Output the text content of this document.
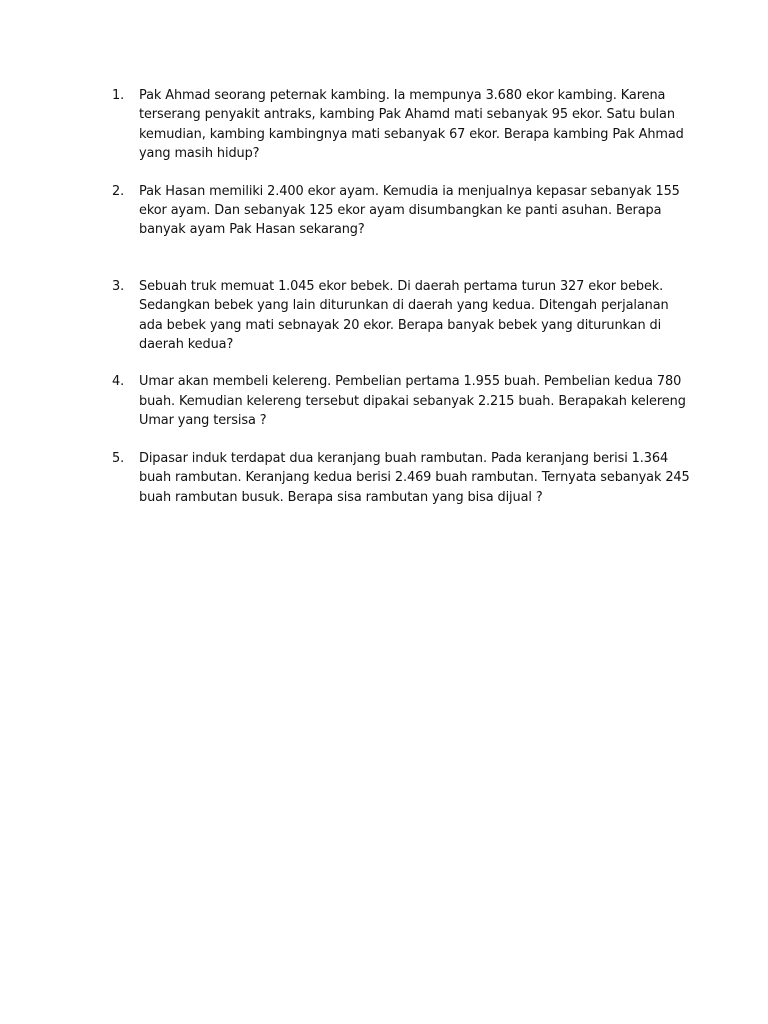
1.	Pak Ahmad seorang peternak kambing. Ia mempunya 3.680 ekor kambing. Karena terserang penyakit antraks, kambing Pak Ahamd mati sebanyak 95 ekor. Satu bulan kemudian, kambing kambingnya mati sebanyak 67 ekor. Berapa kambing Pak Ahmad yang masih hidup?
2.	Pak Hasan memiliki 2.400 ekor ayam. Kemudia ia menjualnya kepasar sebanyak 155 ekor ayam. Dan sebanyak 125 ekor ayam disumbangkan ke panti asuhan. Berapa banyak ayam Pak Hasan sekarang?
3.	Sebuah truk memuat 1.045 ekor bebek. Di daerah pertama turun 327 ekor bebek. Sedangkan bebek yang lain diturunkan di daerah yang kedua. Ditengah perjalanan ada bebek yang mati sebnayak 20 ekor. Berapa banyak bebek yang diturunkan di daerah kedua?
4.	Umar akan membeli kelereng. Pembelian pertama 1.955 buah. Pembelian kedua 780 buah. Kemudian kelereng tersebut dipakai sebanyak 2.215 buah. Berapakah kelereng Umar yang tersisa ?
5.	Dipasar induk terdapat dua keranjang buah rambutan. Pada keranjang berisi 1.364 buah rambutan. Keranjang kedua berisi 2.469 buah rambutan. Ternyata sebanyak 245 buah rambutan busuk. Berapa sisa rambutan yang bisa dijual ?
